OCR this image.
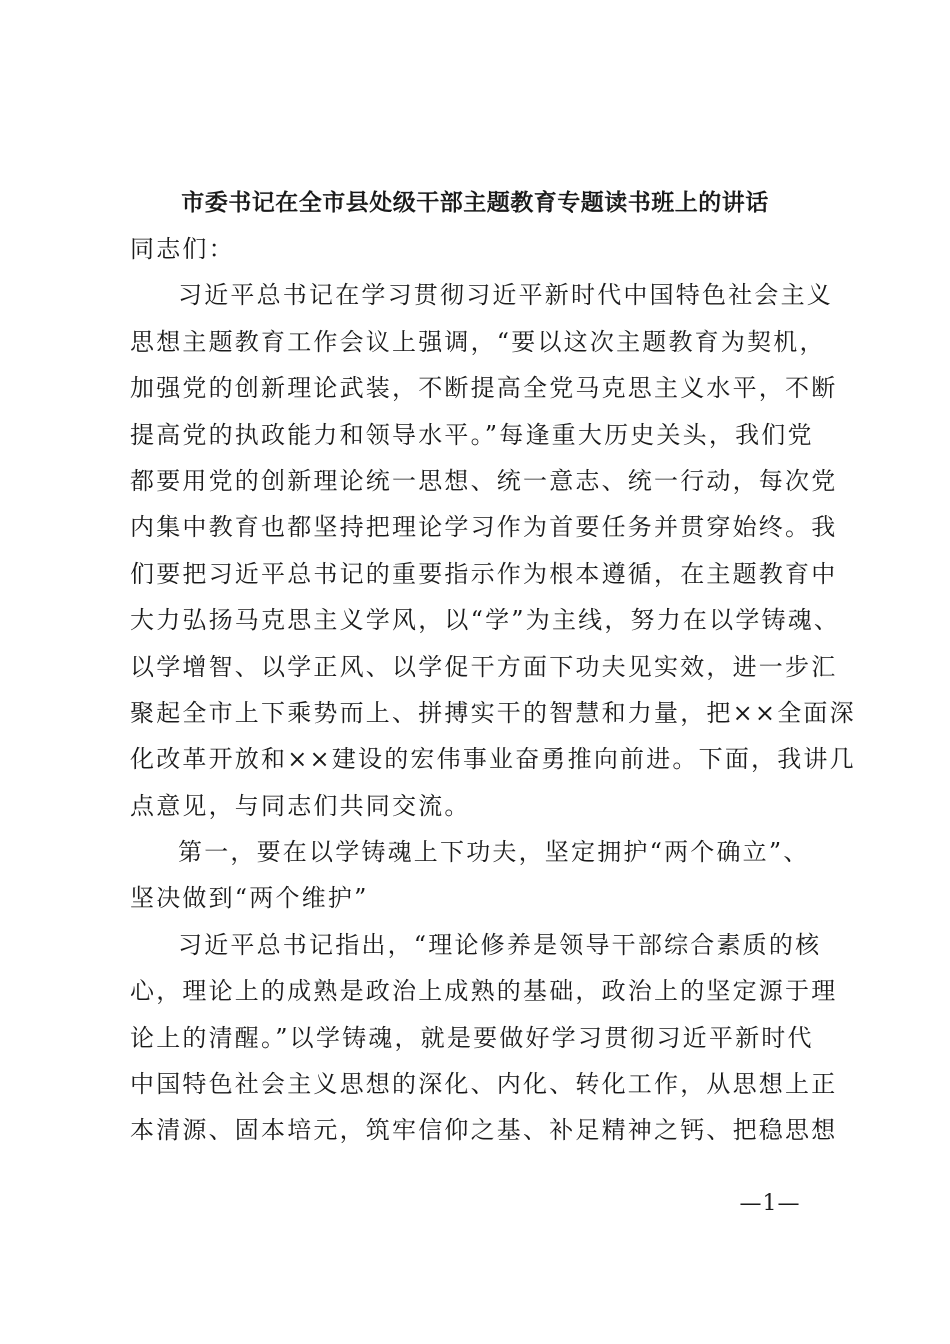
市委书记在全市县处级干部主题教育专题读书班上的讲话
同志们：
习近平总书记在学习贯彻习近平新时代中国特色社会主义
思想主题教育工作会议上强调，“要以这次主题教育为契机，
加强党的创新理论武装，不断提高全党马克思主义水平，不断
提高党的执政能力和领导水平。”每逢重大历史关头，我们党
都要用党的创新理论统一思想、统一意志、统一行动，每次党
内集中教育也都坚持把理论学习作为首要任务并贯穿始终。我
们要把习近平总书记的重要指示作为根本遵循，在主题教育中
大力弘扬马克思主义学风，以“学”为主线，努力在以学铸魂、
以学增智、以学正风、以学促干方面下功夫见实效，进一步汇
聚起全市上下乘势而上、拼搏实干的智慧和力量，把××全面深
化改革开放和××建设的宏伟事业奋勇推向前进。下面，我讲几
点意见，与同志们共同交流。
第一，要在以学铸魂上下功夫，坚定拥护“两个确立”、
坚决做到“两个维护”
习近平总书记指出，“理论修养是领导干部综合素质的核
心，理论上的成熟是政治上成熟的基础，政治上的坚定源于理
论上的清醒。”以学铸魂，就是要做好学习贯彻习近平新时代
中国特色社会主义思想的深化、内化、转化工作，从思想上正
本清源、固本培元，筑牢信仰之基、补足精神之钙、把稳思想
—1—
